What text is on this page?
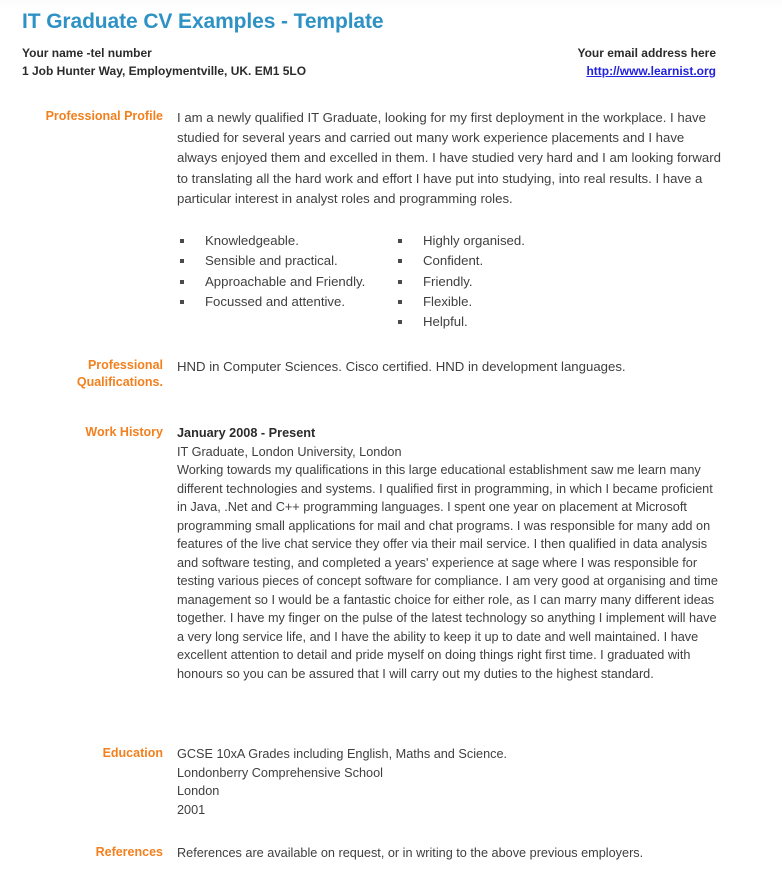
IT Graduate CV Examples - Template
Your name -tel number
1 Job Hunter Way, Employmentville, UK. EM1 5LO
Your email address here
http://www.learnist.org
Professional Profile I am a newly qualified IT Graduate, looking for my first deployment in the workplace. I have studied for several years and carried out many work experience placements and I have always enjoyed them and excelled in them. I have studied very hard and I am looking forward to translating all the hard work and effort I have put into studying, into real results. I have a particular interest in analyst roles and programming roles.
Knowledgeable.
Sensible and practical.
Approachable and Friendly.
Focussed and attentive.
Highly organised.
Confident.
Friendly.
Flexible.
Helpful.
Professional
Qualifications.
HND in Computer Sciences. Cisco certified. HND in development languages.
Work History January 2008 - Present
IT Graduate, London University, London
Working towards my qualifications in this large educational establishment saw me learn many different technologies and systems. I qualified first in programming, in which I became proficient in Java, .Net and C++ programming languages. I spent one year on placement at Microsoft programming small applications for mail and chat programs. I was responsible for many add on features of the live chat service they offer via their mail service. I then qualified in data analysis and software testing, and completed a years' experience at sage where I was responsible for testing various pieces of concept software for compliance. I am very good at organising and time management so I would be a fantastic choice for either role, as I can marry many different ideas together. I have my finger on the pulse of the latest technology so anything I implement will have a very long service life, and I have the ability to keep it up to date and well maintained. I have excellent attention to detail and pride myself on doing things right first time. I graduated with honours so you can be assured that I will carry out my duties to the highest standard.
Education GCSE 10xA Grades including English, Maths and Science.
Londonberry Comprehensive School
London
2001
References References are available on request, or in writing to the above previous employers.
